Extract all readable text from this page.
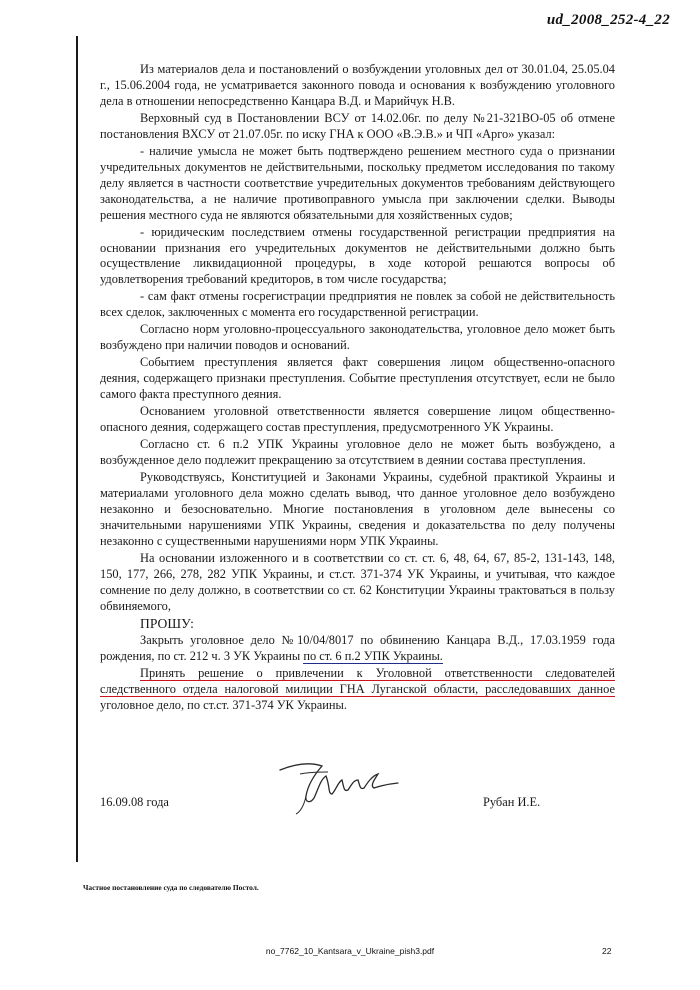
ud_2008_252-4_22

Из материалов дела и постановлений о возбуждении уголовных дел от 30.01.04, 25.05.04 г., 15.06.2004 года, не усматривается законного повода и основания к возбуждению уголовного дела в отношении непосредственно Канцара В.Д. и Марийчук Н.В.

Верховный суд в Постановлении ВСУ от 14.02.06г. по делу №21-321ВО-05 об отмене постановления ВХСУ от 21.07.05г. по иску ГНА к ООО «В.Э.В.» и ЧП «Арго» указал:

- наличие умысла не может быть подтверждено решением местного суда о признании учредительных документов не действительными, поскольку предметом исследования по такому делу является в частности соответствие учредительных документов требованиям действующего законодательства, а не наличие противоправного умысла при заключении сделки. Выводы решения местного суда не являются обязательными для хозяйственных судов;

- юридическим последствием отмены государственной регистрации предприятия на основании признания его учредительных документов не действительными должно быть осуществление ликвидационной процедуры, в ходе которой решаются вопросы об удовлетворения требований кредиторов, в том числе государства;

- сам факт отмены госрегистрации предприятия не повлек за собой не действительность всех сделок, заключенных с момента его государственной регистрации.

Согласно норм уголовно-процессуального законодательства, уголовное дело может быть возбуждено при наличии поводов и оснований.

Событием преступления является факт совершения лицом общественно-опасного деяния, содержащего признаки преступления. Событие преступления отсутствует, если не было самого факта преступного деяния.

Основанием уголовной ответственности является совершение лицом общественно-опасного деяния, содержащего состав преступления, предусмотренного УК Украины.

Согласно ст. 6 п.2 УПК Украины уголовное дело не может быть возбуждено, а возбужденное дело подлежит прекращению за отсутствием в деянии состава преступления.

Руководствуясь, Конституцией и Законами Украины, судебной практикой Украины и материалами уголовного дела можно сделать вывод, что данное уголовное дело возбуждено незаконно и безосновательно. Многие постановления в уголовном деле вынесены со значительными нарушениями УПК Украины, сведения и доказательства по делу получены незаконно с существенными нарушениями норм УПК Украины.

На основании изложенного и в соответствии со ст. ст. 6, 48, 64, 67, 85-2, 131-143, 148, 150, 177, 266, 278, 282 УПК Украины, и ст.ст. 371-374 УК Украины, и учитывая, что каждое сомнение по делу должно, в соответствии со ст. 62 Конституции Украины трактоваться в пользу обвиняемого,

ПРОШУ:

Закрыть уголовное дело №10/04/8017 по обвинению Канцара В.Д., 17.03.1959 года рождения, по ст. 212 ч. 3 УК Украины по ст. 6 п.2 УПК Украины.

Принять решение о привлечении к Уголовной ответственности следователей следственного отдела налоговой милиции ГНА Луганской области, расследовавших данное уголовное дело, по ст.ст. 371-374 УК Украины.

16.09.08 года	Рубан И.Е.
Частное постановление суда по следователю Постол.
no_7762_10_Kantsara_v_Ukraine_pish3.pdf	22
